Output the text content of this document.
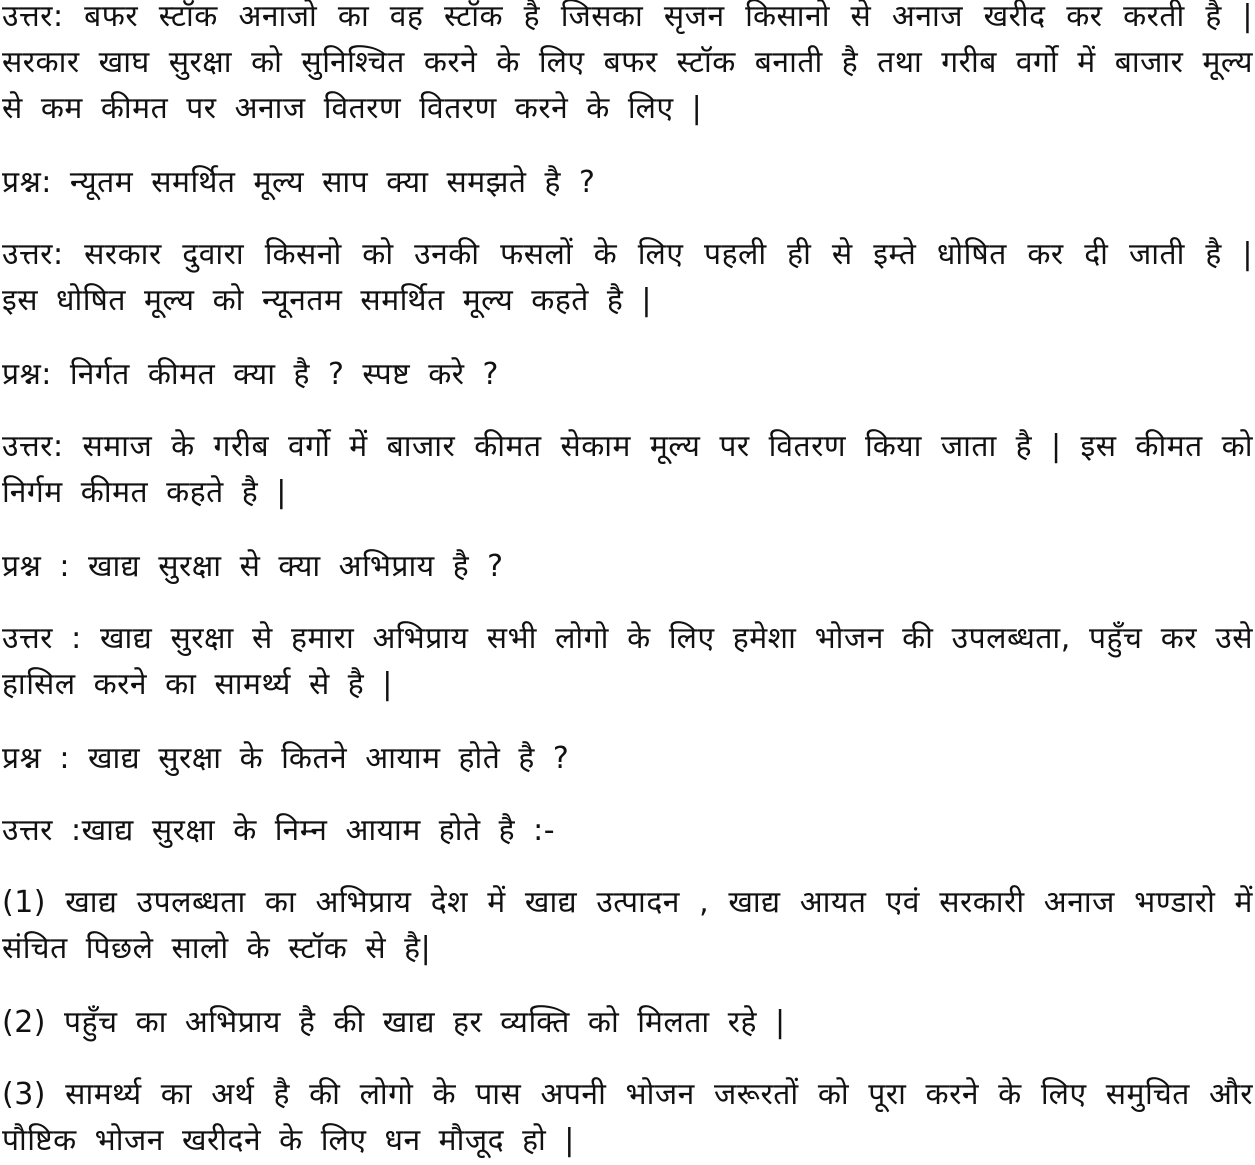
उत्तर: बफर स्टॉक अनाजो का वह स्टॉक है जिसका सृजन किसानो से अनाज खरीद कर करती है | सरकार खाघ सुरक्षा को सुनिश्चित करने के लिए बफर स्टॉक बनाती है तथा गरीब वर्गो में बाजार मूल्य से कम कीमत पर अनाज वितरण वितरण करने के लिए |

प्रश्न: न्यूतम समर्थित मूल्य साप क्या समझते है ?

उत्तर: सरकार दुवारा किसनो को उनकी फसलों के लिए पहली ही से इम्ते धोषित कर दी जाती है | इस धोषित मूल्य को न्यूनतम समर्थित मूल्य कहते है |

प्रश्न: निर्गत कीमत क्या है ? स्पष्ट करे ?

उत्तर: समाज के गरीब वर्गो में बाजार कीमत सेकाम मूल्य पर वितरण किया जाता है | इस कीमत को निर्गम कीमत कहते है |

प्रश्न : खाद्य सुरक्षा से क्या अभिप्राय है ?

उत्तर : खाद्य सुरक्षा से हमारा अभिप्राय सभी लोगो के लिए हमेशा भोजन की उपलब्धता, पहुँच कर उसे हासिल करने का सामर्थ्य से है |

प्रश्न : खाद्य सुरक्षा के कितने आयाम होते है ?

उत्तर :खाद्य सुरक्षा के निम्न आयाम होते है :-

(1) खाद्य उपलब्धता का अभिप्राय देश में खाद्य उत्पादन , खाद्य आयत एवं सरकारी अनाज भण्डारो में संचित पिछले सालो के स्टॉक से है|

(2) पहुँच का अभिप्राय है की खाद्य हर व्यक्ति को मिलता रहे |

(3) सामर्थ्य का अर्थ है की लोगो के पास अपनी भोजन जरूरतों को पूरा करने के लिए समुचित और पौष्टिक भोजन खरीदने के लिए धन मौजूद हो |
